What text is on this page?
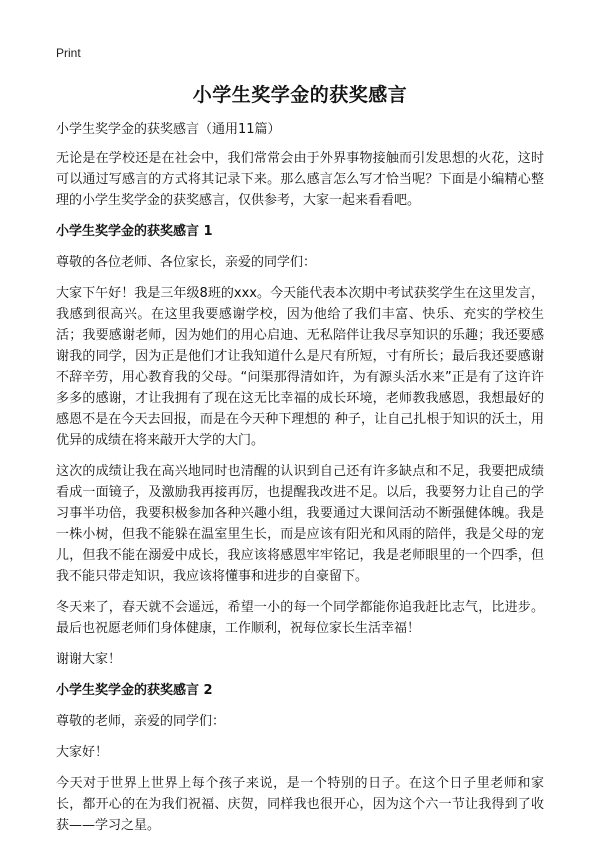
Print
小学生奖学金的获奖感言

小学生奖学金的获奖感言（通用11篇）

无论是在学校还是在社会中，我们常常会由于外界事物接触而引发思想的火花，这时可以通过写感言的方式将其记录下来。那么感言怎么写才恰当呢？下面是小编精心整理的小学生奖学金的获奖感言，仅供参考，大家一起来看看吧。

小学生奖学金的获奖感言 1

尊敬的各位老师、各位家长，亲爱的同学们：

大家下午好！我是三年级8班的xxx。今天能代表本次期中考试获奖学生在这里发言，我感到很高兴。在这里我要感谢学校，因为他给了我们丰富、快乐、充实的学校生活；我要感谢老师，因为她们的用心启迪、无私陪伴让我尽享知识的乐趣；我还要感谢我的同学，因为正是他们才让我知道什么是尺有所短，寸有所长；最后我还要感谢不辞辛劳，用心教育我的父母。“问渠那得清如许，为有源头活水来”正是有了这许许多多的感谢，才让我拥有了现在这无比幸福的成长环境，老师教我感恩，我想最好的感恩不是在今天去回报，而是在今天种下理想的 种子，让自己扎根于知识的沃土，用优异的成绩在将来敲开大学的大门。

这次的成绩让我在高兴地同时也清醒的认识到自己还有许多缺点和不足，我要把成绩看成一面镜子，及激励我再接再厉，也提醒我改进不足。以后，我要努力让自己的学习事半功倍，我要积极参加各种兴趣小组，我要通过大课间活动不断强健体魄。我是一株小树，但我不能躲在温室里生长，而是应该有阳光和风雨的陪伴，我是父母的宠儿，但我不能在溺爱中成长，我应该将感恩牢牢铭记，我是老师眼里的一个四季，但我不能只带走知识，我应该将懂事和进步的自豪留下。

冬天来了，春天就不会遥远，希望一小的每一个同学都能你追我赶比志气，比进步。最后也祝愿老师们身体健康，工作顺利，祝每位家长生活幸福！

谢谢大家！

小学生奖学金的获奖感言 2

尊敬的老师，亲爱的同学们：

大家好！

今天对于世界上世界上每个孩子来说，是一个特别的日子。在这个日子里老师和家长，都开心的在为我们祝福、庆贺，同样我也很开心，因为这个六一节让我得到了收获——学习之星。
